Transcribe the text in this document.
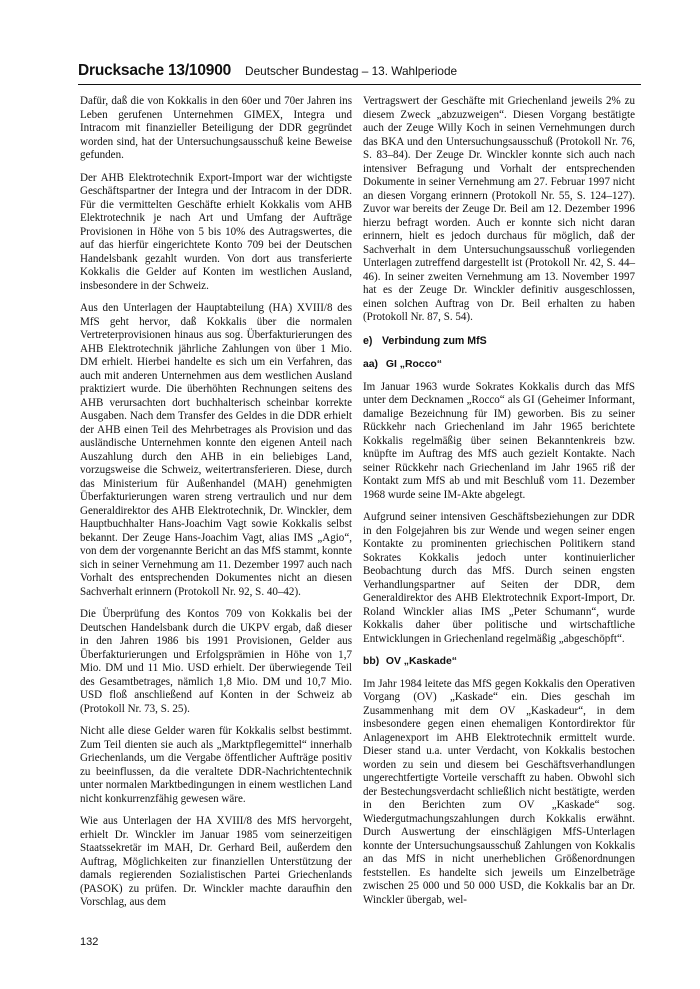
Drucksache 13/10900 Deutscher Bundestag – 13. Wahlperiode

Dafür, daß die von Kokkalis in den 60er und 70er Jahren ins Leben gerufenen Unternehmen GIMEX, Integra und Intracom mit finanzieller Beteiligung der DDR gegründet worden sind, hat der Untersuchungsausschuß keine Beweise gefunden.

Der AHB Elektrotechnik Export-Import war der wichtigste Geschäftspartner der Integra und der Intracom in der DDR. Für die vermittelten Geschäfte erhielt Kokkalis vom AHB Elektrotechnik je nach Art und Umfang der Aufträge Provisionen in Höhe von 5 bis 10% des Autragswertes, die auf das hierfür eingerichtete Konto 709 bei der Deutschen Handelsbank gezahlt wurden. Von dort aus transferierte Kokkalis die Gelder auf Konten im westlichen Ausland, insbesondere in der Schweiz.

Aus den Unterlagen der Hauptabteilung (HA) XVIII/8 des MfS geht hervor, daß Kokkalis über die normalen Vertreterprovisionen hinaus aus sog. Überfakturierungen des AHB Elektrotechnik jährliche Zahlungen von über 1 Mio. DM erhielt. Hierbei handelte es sich um ein Verfahren, das auch mit anderen Unternehmen aus dem westlichen Ausland praktiziert wurde. Die überhöhten Rechnungen seitens des AHB verursachten dort buchhalterisch scheinbar korrekte Ausgaben. Nach dem Transfer des Geldes in die DDR erhielt der AHB einen Teil des Mehrbetrages als Provision und das ausländische Unternehmen konnte den eigenen Anteil nach Auszahlung durch den AHB in ein beliebiges Land, vorzugsweise die Schweiz, weitertransferieren. Diese, durch das Ministerium für Außenhandel (MAH) genehmigten Überfakturierungen waren streng vertraulich und nur dem Generaldirektor des AHB Elektrotechnik, Dr. Winckler, dem Hauptbuchhalter Hans-Joachim Vagt sowie Kokkalis selbst bekannt. Der Zeuge Hans-Joachim Vagt, alias IMS „Agio“, von dem der vorgenannte Bericht an das MfS stammt, konnte sich in seiner Vernehmung am 11. Dezember 1997 auch nach Vorhalt des entsprechenden Dokumentes nicht an diesen Sachverhalt erinnern (Protokoll Nr. 92, S. 40–42).

Die Überprüfung des Kontos 709 von Kokkalis bei der Deutschen Handelsbank durch die UKPV ergab, daß dieser in den Jahren 1986 bis 1991 Provisionen, Gelder aus Überfakturierungen und Erfolgsprämien in Höhe von 1,7 Mio. DM und 11 Mio. USD erhielt. Der überwiegende Teil des Gesamtbetrages, nämlich 1,8 Mio. DM und 10,7 Mio. USD floß anschließend auf Konten in der Schweiz ab (Protokoll Nr. 73, S. 25).

Nicht alle diese Gelder waren für Kokkalis selbst bestimmt. Zum Teil dienten sie auch als „Marktpflegemittel“ innerhalb Griechenlands, um die Vergabe öffentlicher Aufträge positiv zu beeinflussen, da die veraltete DDR-Nachrichtentechnik unter normalen Marktbedingungen in einem westlichen Land nicht konkurrenzfähig gewesen wäre.

Wie aus Unterlagen der HA XVIII/8 des MfS hervorgeht, erhielt Dr. Winckler im Januar 1985 vom seinerzeitigen Staatssekretär im MAH, Dr. Gerhard Beil, außerdem den Auftrag, Möglichkeiten zur finanziellen Unterstützung der damals regierenden Sozialistischen Partei Griechenlands (PASOK) zu prüfen. Dr. Winckler machte daraufhin den Vorschlag, aus dem

Vertragswert der Geschäfte mit Griechenland jeweils 2% zu diesem Zweck „abzuzweigen“. Diesen Vorgang bestätigte auch der Zeuge Willy Koch in seinen Vernehmungen durch das BKA und den Untersuchungsausschuß (Protokoll Nr. 76, S. 83–84). Der Zeuge Dr. Winckler konnte sich auch nach intensiver Befragung und Vorhalt der entsprechenden Dokumente in seiner Vernehmung am 27. Februar 1997 nicht an diesen Vorgang erinnern (Protokoll Nr. 55, S. 124–127). Zuvor war bereits der Zeuge Dr. Beil am 12. Dezember 1996 hierzu befragt worden. Auch er konnte sich nicht daran erinnern, hielt es jedoch durchaus für möglich, daß der Sachverhalt in dem Untersuchungsausschuß vorliegenden Unterlagen zutreffend dargestellt ist (Protokoll Nr. 42, S. 44–46). In seiner zweiten Vernehmung am 13. November 1997 hat es der Zeuge Dr. Winckler definitiv ausgeschlossen, einen solchen Auftrag von Dr. Beil erhalten zu haben (Protokoll Nr. 87, S. 54).

e) Verbindung zum MfS
aa) GI „Rocco“

Im Januar 1963 wurde Sokrates Kokkalis durch das MfS unter dem Decknamen „Rocco“ als GI (Geheimer Informant, damalige Bezeichnung für IM) geworben. Bis zu seiner Rückkehr nach Griechenland im Jahr 1965 berichtete Kokkalis regelmäßig über seinen Bekanntenkreis bzw. knüpfte im Auftrag des MfS auch gezielt Kontakte. Nach seiner Rückkehr nach Griechenland im Jahr 1965 riß der Kontakt zum MfS ab und mit Beschluß vom 11. Dezember 1968 wurde seine IM-Akte abgelegt.

Aufgrund seiner intensiven Geschäftsbeziehungen zur DDR in den Folgejahren bis zur Wende und wegen seiner engen Kontakte zu prominenten griechischen Politikern stand Sokrates Kokkalis jedoch unter kontinuierlicher Beobachtung durch das MfS. Durch seinen engsten Verhandlungspartner auf Seiten der DDR, dem Generaldirektor des AHB Elektrotechnik Export-Import, Dr. Roland Winckler alias IMS „Peter Schumann“, wurde Kokkalis daher über politische und wirtschaftliche Entwicklungen in Griechenland regelmäßig „abgeschöpft“.

bb) OV „Kaskade“

Im Jahr 1984 leitete das MfS gegen Kokkalis den Operativen Vorgang (OV) „Kaskade“ ein. Dies geschah im Zusammenhang mit dem OV „Kaskadeur“, in dem insbesondere gegen einen ehemaligen Kontordirektor für Anlagenexport im AHB Elektrotechnik ermittelt wurde. Dieser stand u.a. unter Verdacht, von Kokkalis bestochen worden zu sein und diesem bei Geschäftsverhandlungen ungerechtfertigte Vorteile verschafft zu haben. Obwohl sich der Bestechungsverdacht schließlich nicht bestätigte, werden in den Berichten zum OV „Kaskade“ sog. Wiedergutmachungszahlungen durch Kokkalis erwähnt. Durch Auswertung der einschlägigen MfS-Unterlagen konnte der Untersuchungsausschuß Zahlungen von Kokkalis an das MfS in nicht unerheblichen Größenordnungen feststellen. Es handelte sich jeweils um Einzelbeträge zwischen 25 000 und 50 000 USD, die Kokkalis bar an Dr. Winckler übergab, wel-

132
